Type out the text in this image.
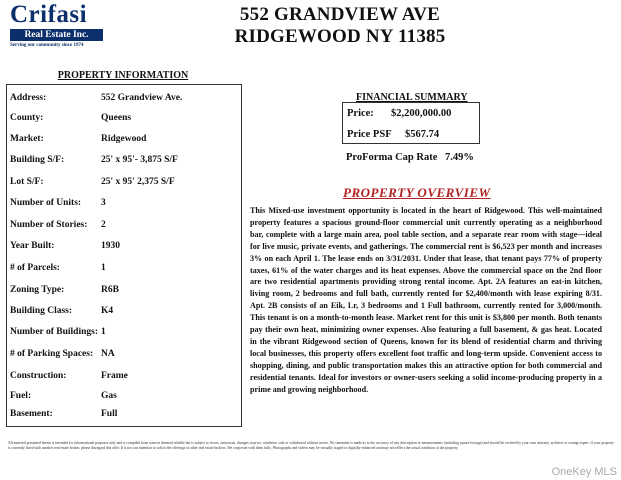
Crifasi
Real Estate Inc.
Serving our community since 1974
552 GRANDVIEW AVE
RIDGEWOOD NY 11385
PROPERTY INFORMATION
Address:	552 Grandview Ave.
County:	Queens
Market:	Ridgewood
Building S/F:	25' x 95'- 3,875 S/F
Lot S/F:	25' x 95' 2,375 S/F
Number of Units: 3
Number of Stories: 2
Year Built:	1930
# of Parcels:	1
Zoning Type:	R6B
Building Class:	K4
Number of Buildings: 1
# of Parking Spaces: NA
Construction:	Frame
Fuel:	Gas
Basement:	Full
FINANCIAL SUMMARY
Price: $2,200,000.00
Price PSF $567.74
ProForma Cap Rate 7.49%
PROPERTY OVERVIEW
This Mixed-use investment opportunity is located in the heart of Ridgewood. This well-maintained property features a spacious ground-floor commercial unit currently operating as a neighborhood bar, complete with a large main area, pool table section, and a separate rear room with stage—ideal for live music, private events, and gatherings. The commercial rent is $6,523 per month and increases 3% on each April 1. The lease ends on 3/31/2031. Under that lease, that tenant pays 77% of property taxes, 61% of the water charges and its heat expenses. Above the commercial space on the 2nd floor are two residential apartments providing strong rental income. Apt. 2A features an eat-in kitchen, living room, 2 bedrooms and full bath, currently rented for $2,400/month with lease expiring 8/31. Apt. 2B consists of an Eik, Lr, 3 bedrooms and 1 Full bathroom, currently rented for 3,000/month. This tenant is on a month-to-month lease. Market rent for this unit is $3,800 per month. Both tenants pay their own heat, minimizing owner expenses. Also featuring a full basement, & gas heat. Located in the vibrant Ridgewood section of Queens, known for its blend of residential charm and thriving local businesses, this property offers excellent foot traffic and long-term upside. Convenient access to shopping, dining, and public transportation makes this an attractive option for both commercial and residential tenants. Ideal for investors or owner-users seeking a solid income-producing property in a prime and growing neighborhood.
All material presented herein is intended for informational purposes only and is compiled from sources deemed reliable but is subject to errors, omissions, changes in price, condition, sale or withdrawal without notice. No statement is made as to the accuracy of any description or measurements (including square footage) and should be verified by your own attorney, architect or zoning expert. If your property is currently listed with another real estate broker, please disregard this offer. It is not our intention to solicit the offerings of other real estate brokers. We cooperate with them fully. Photographs and videos may be virtually staged or digitally enhanced and may not reflect the actual condition of the property.
OneKey MLS
